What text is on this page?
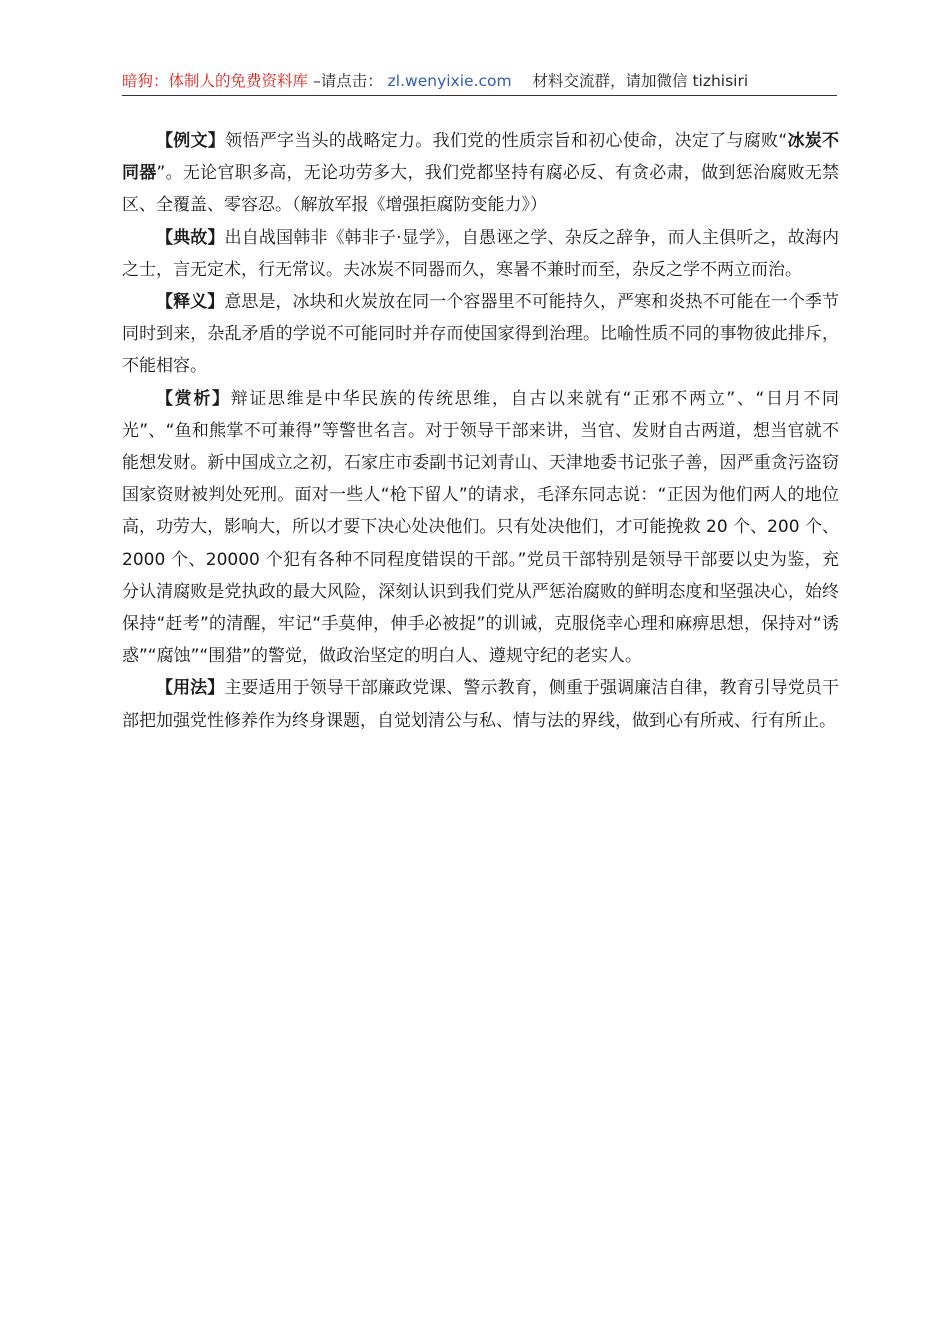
暗狗：体制人的免费资料库 –请点击： zl.wenyixie.com 材料交流群，请加微信 tizhisiri

【例文】领悟严字当头的战略定力。我们党的性质宗旨和初心使命，决定了与腐败“冰炭不同器”。无论官职多高，无论功劳多大，我们党都坚持有腐必反、有贪必肃，做到惩治腐败无禁区、全覆盖、零容忍。（解放军报《增强拒腐防变能力》）

【典故】出自战国韩非《韩非子·显学》，自愚诬之学、杂反之辞争，而人主俱听之，故海内之士，言无定术，行无常议。夫冰炭不同器而久，寒暑不兼时而至，杂反之学不两立而治。

【释义】意思是，冰块和火炭放在同一个容器里不可能持久，严寒和炎热不可能在一个季节同时到来，杂乱矛盾的学说不可能同时并存而使国家得到治理。比喻性质不同的事物彼此排斥，不能相容。

【赏析】辩证思维是中华民族的传统思维，自古以来就有“正邪不两立”、“日月不同光”、“鱼和熊掌不可兼得”等警世名言。对于领导干部来讲，当官、发财自古两道，想当官就不能想发财。新中国成立之初，石家庄市委副书记刘青山、天津地委书记张子善，因严重贪污盗窃国家资财被判处死刑。面对一些人“枪下留人”的请求，毛泽东同志说：“正因为他们两人的地位高，功劳大，影响大，所以才要下决心处决他们。只有处决他们，才可能挽救 20 个、200 个、2000 个、20000 个犯有各种不同程度错误的干部。”党员干部特别是领导干部要以史为鉴，充分认清腐败是党执政的最大风险，深刻认识到我们党从严惩治腐败的鲜明态度和坚强决心，始终保持“赶考”的清醒，牢记“手莫伸，伸手必被捉”的训诫，克服侥幸心理和麻痹思想，保持对“诱惑”“腐蚀”“围猎”的警觉，做政治坚定的明白人、遵规守纪的老实人。

【用法】主要适用于领导干部廉政党课、警示教育，侧重于强调廉洁自律，教育引导党员干部把加强党性修养作为终身课题，自觉划清公与私、情与法的界线，做到心有所戒、行有所止。
